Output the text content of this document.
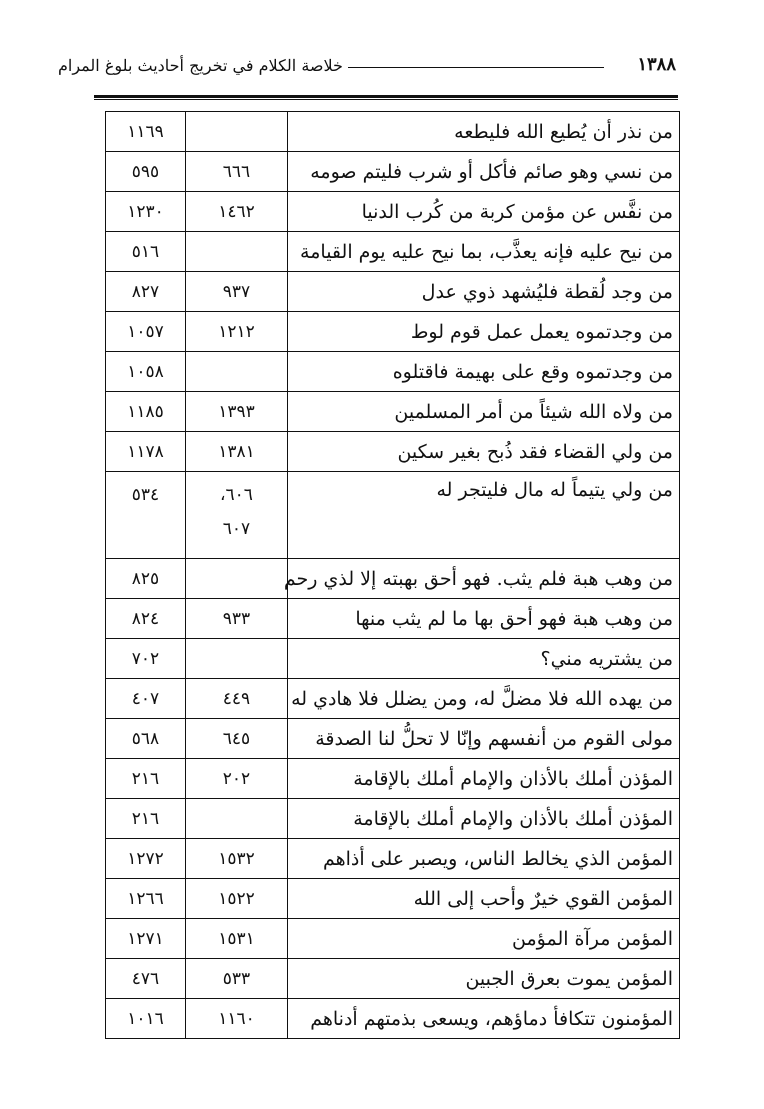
١٣٨٨
خلاصة الكلام في تخريج أحاديث بلوغ المرام
من نذر أن يُطيع الله فليطعه		١١٦٩
من نسي وهو صائم فأكل أو شرب فليتم صومه	٦٦٦	٥٩٥
من نفَّس عن مؤمن كربة من كُرب الدنيا	١٤٦٢	١٢٣٠
من نيح عليه فإنه يعذَّب، بما نيح عليه يوم القيامة		٥١٦
من وجد لُقطة فليُشهد ذوي عدل	٩٣٧	٨٢٧
من وجدتموه يعمل عمل قوم لوط	١٢١٢	١٠٥٧
من وجدتموه وقع على بهيمة فاقتلوه		١٠٥٨
من ولاه الله شيئاً من أمر المسلمين	١٣٩٣	١١٨٥
من ولي القضاء فقد ذُبح بغير سكين	١٣٨١	١١٧٨
من ولي يتيماً له مال فليتجر له	٦٠٦،
٦٠٧	٥٣٤
من وهب هبة فلم يثب. فهو أحق بهبته إلا لذي رحم		٨٢٥
من وهب هبة فهو أحق بها ما لم يثب منها	٩٣٣	٨٢٤
من يشتريه مني؟		٧٠٢
من يهده الله فلا مضلَّ له، ومن يضلل فلا هادي له	٤٤٩	٤٠٧
مولى القوم من أنفسهم وإنّا لا تحلُّ لنا الصدقة	٦٤٥	٥٦٨
المؤذن أملك بالأذان والإمام أملك بالإقامة	٢٠٢	٢١٦
المؤذن أملك بالأذان والإمام أملك بالإقامة		٢١٦
المؤمن الذي يخالط الناس، ويصبر على أذاهم	١٥٣٢	١٢٧٢
المؤمن القوي خيرٌ وأحب إلى الله	١٥٢٢	١٢٦٦
المؤمن مرآة المؤمن	١٥٣١	١٢٧١
المؤمن يموت بعرق الجبين	٥٣٣	٤٧٦
المؤمنون تتكافأ دماؤهم، ويسعى بذمتهم أدناهم	١١٦٠	١٠١٦
